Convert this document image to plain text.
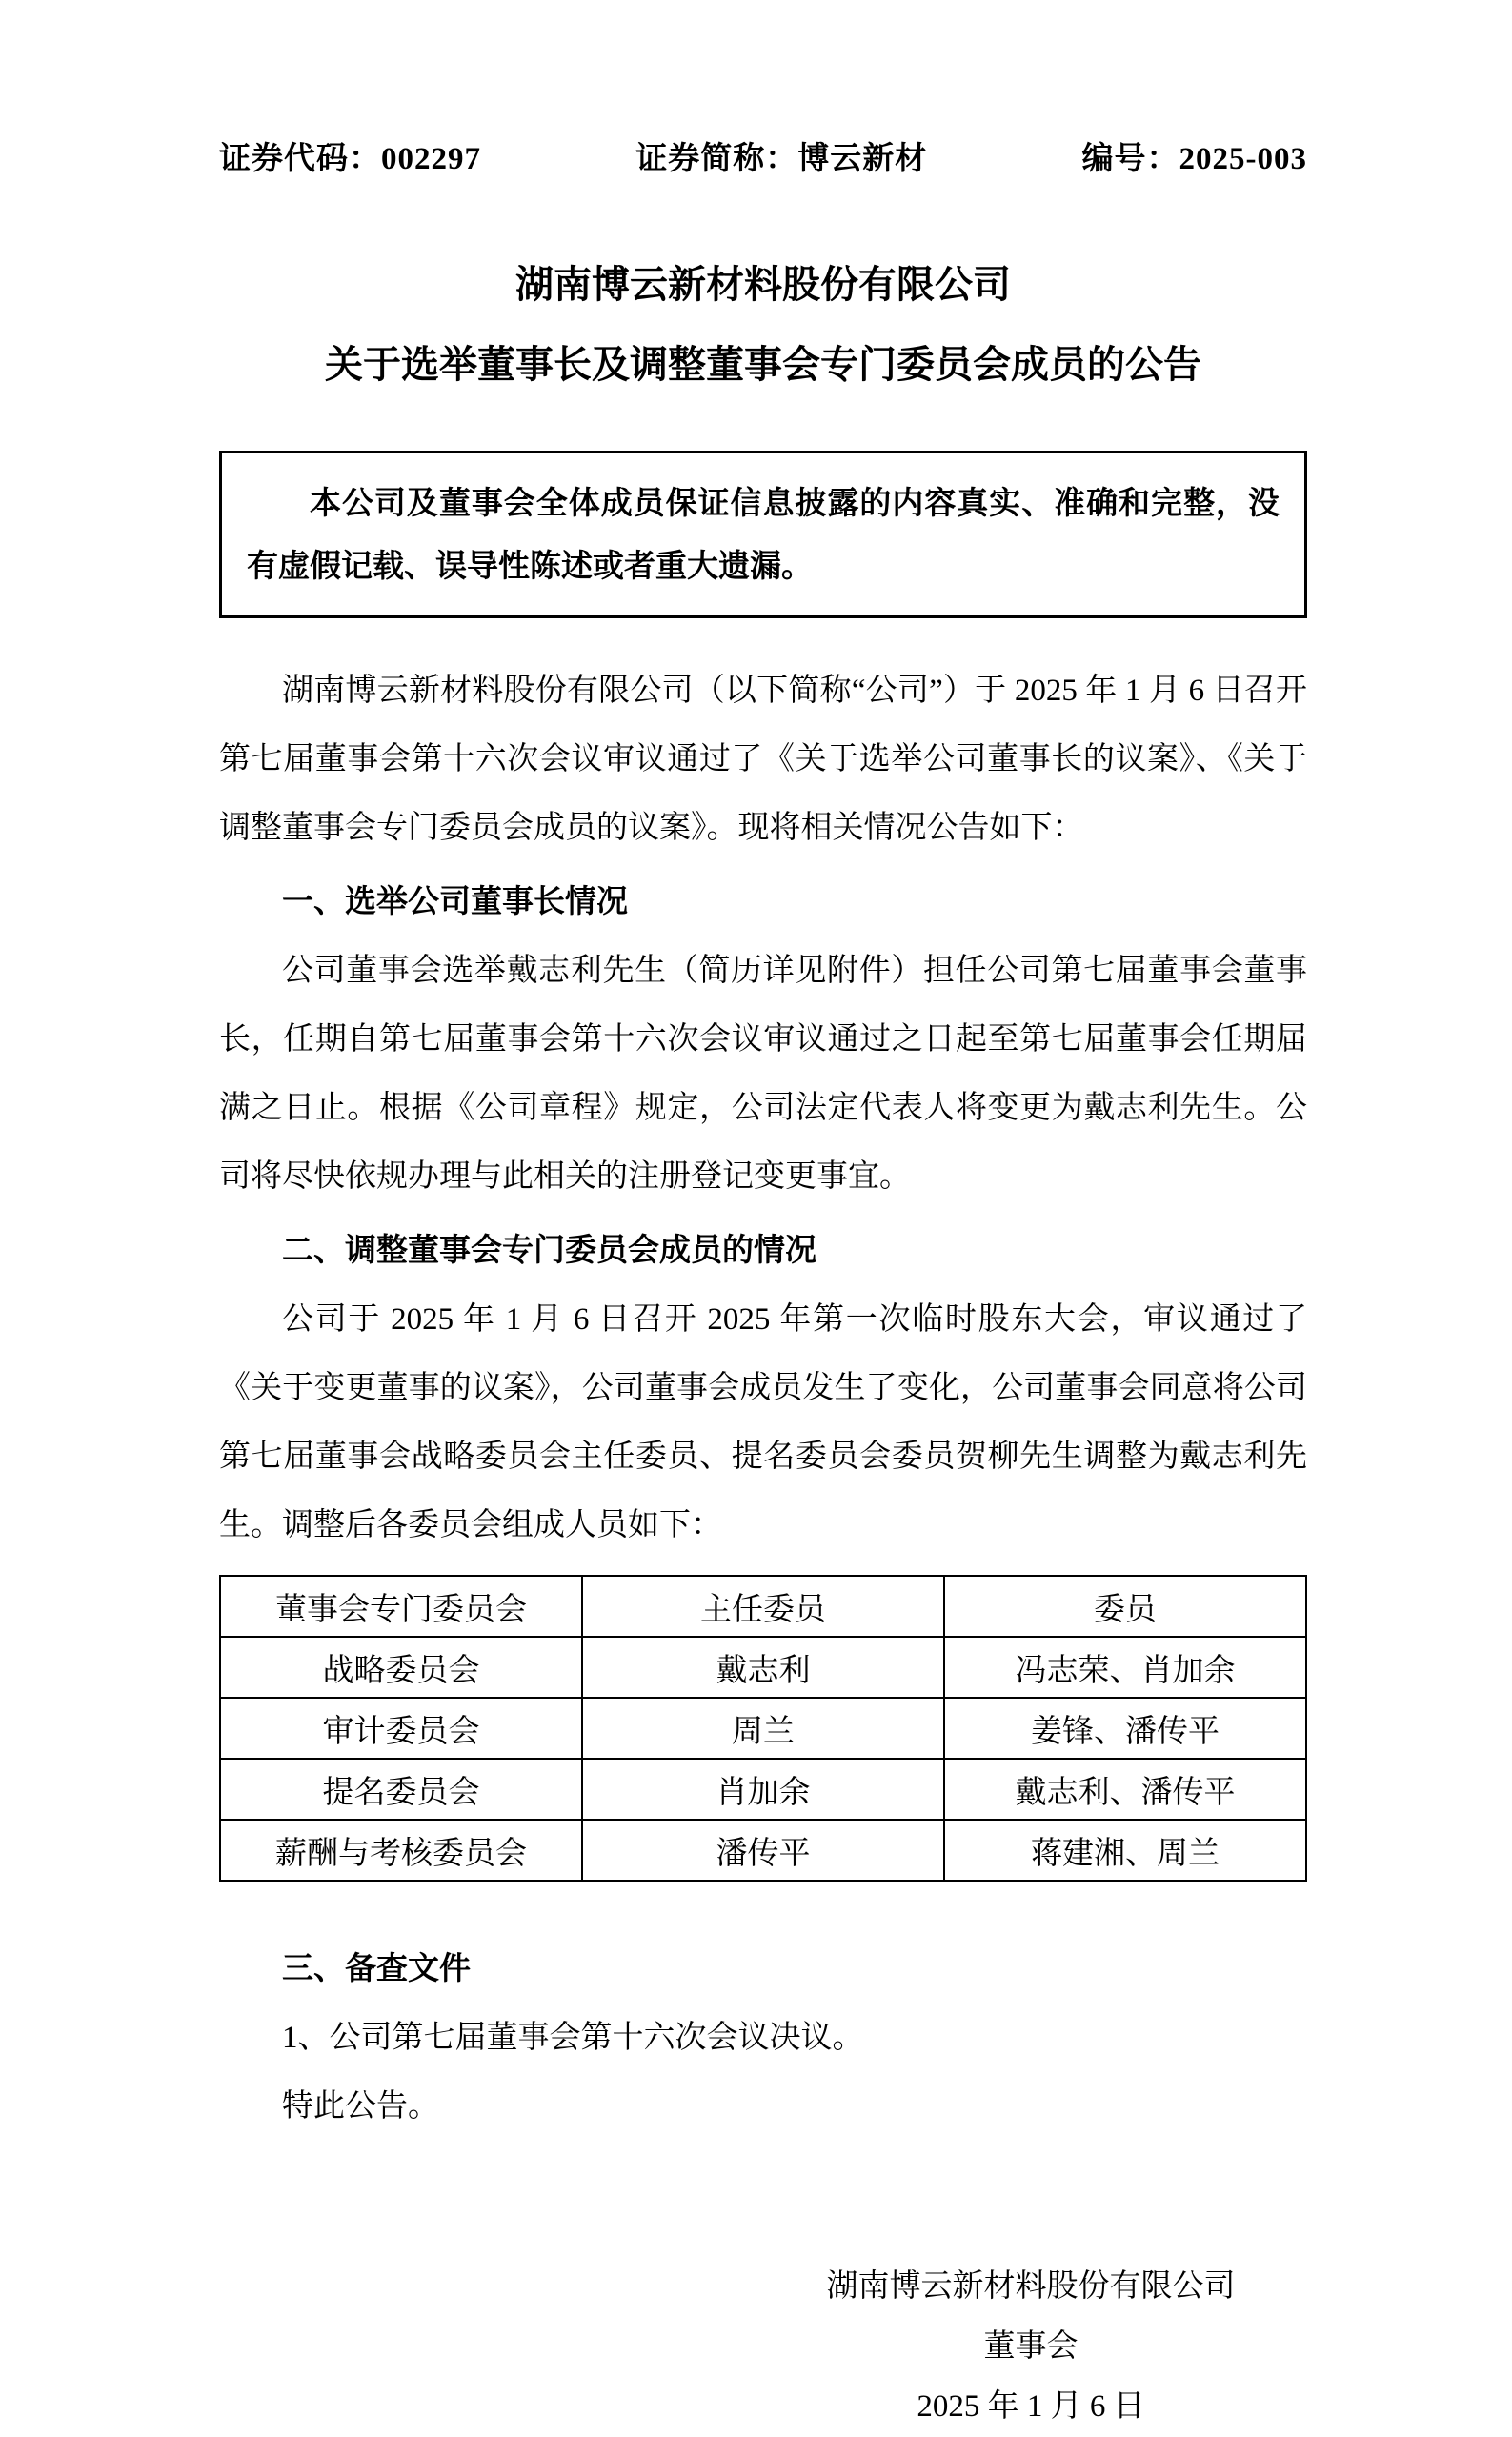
证券代码：002297	证券简称：博云新材	编号：2025-003
湖南博云新材料股份有限公司
关于选举董事长及调整董事会专门委员会成员的公告

本公司及董事会全体成员保证信息披露的内容真实、准确和完整，没有虚假记载、误导性陈述或者重大遗漏。

湖南博云新材料股份有限公司（以下简称“公司”）于 2025 年 1 月 6 日召开第七届董事会第十六次会议审议通过了《关于选举公司董事长的议案》、《关于调整董事会专门委员会成员的议案》。现将相关情况公告如下：

一、选举公司董事长情况

公司董事会选举戴志利先生（简历详见附件）担任公司第七届董事会董事长，任期自第七届董事会第十六次会议审议通过之日起至第七届董事会任期届满之日止。根据《公司章程》规定，公司法定代表人将变更为戴志利先生。公司将尽快依规办理与此相关的注册登记变更事宜。

二、调整董事会专门委员会成员的情况

公司于 2025 年 1 月 6 日召开 2025 年第一次临时股东大会，审议通过了《关于变更董事的议案》，公司董事会成员发生了变化，公司董事会同意将公司第七届董事会战略委员会主任委员、提名委员会委员贺柳先生调整为戴志利先生。调整后各委员会组成人员如下：

董事会专门委员会	主任委员	委员
战略委员会	戴志利	冯志荣、肖加余
审计委员会	周兰	姜锋、潘传平
提名委员会	肖加余	戴志利、潘传平
薪酬与考核委员会	潘传平	蒋建湘、周兰

三、备查文件

1、公司第七届董事会第十六次会议决议。

特此公告。

湖南博云新材料股份有限公司
董事会
2025 年 1 月 6 日
